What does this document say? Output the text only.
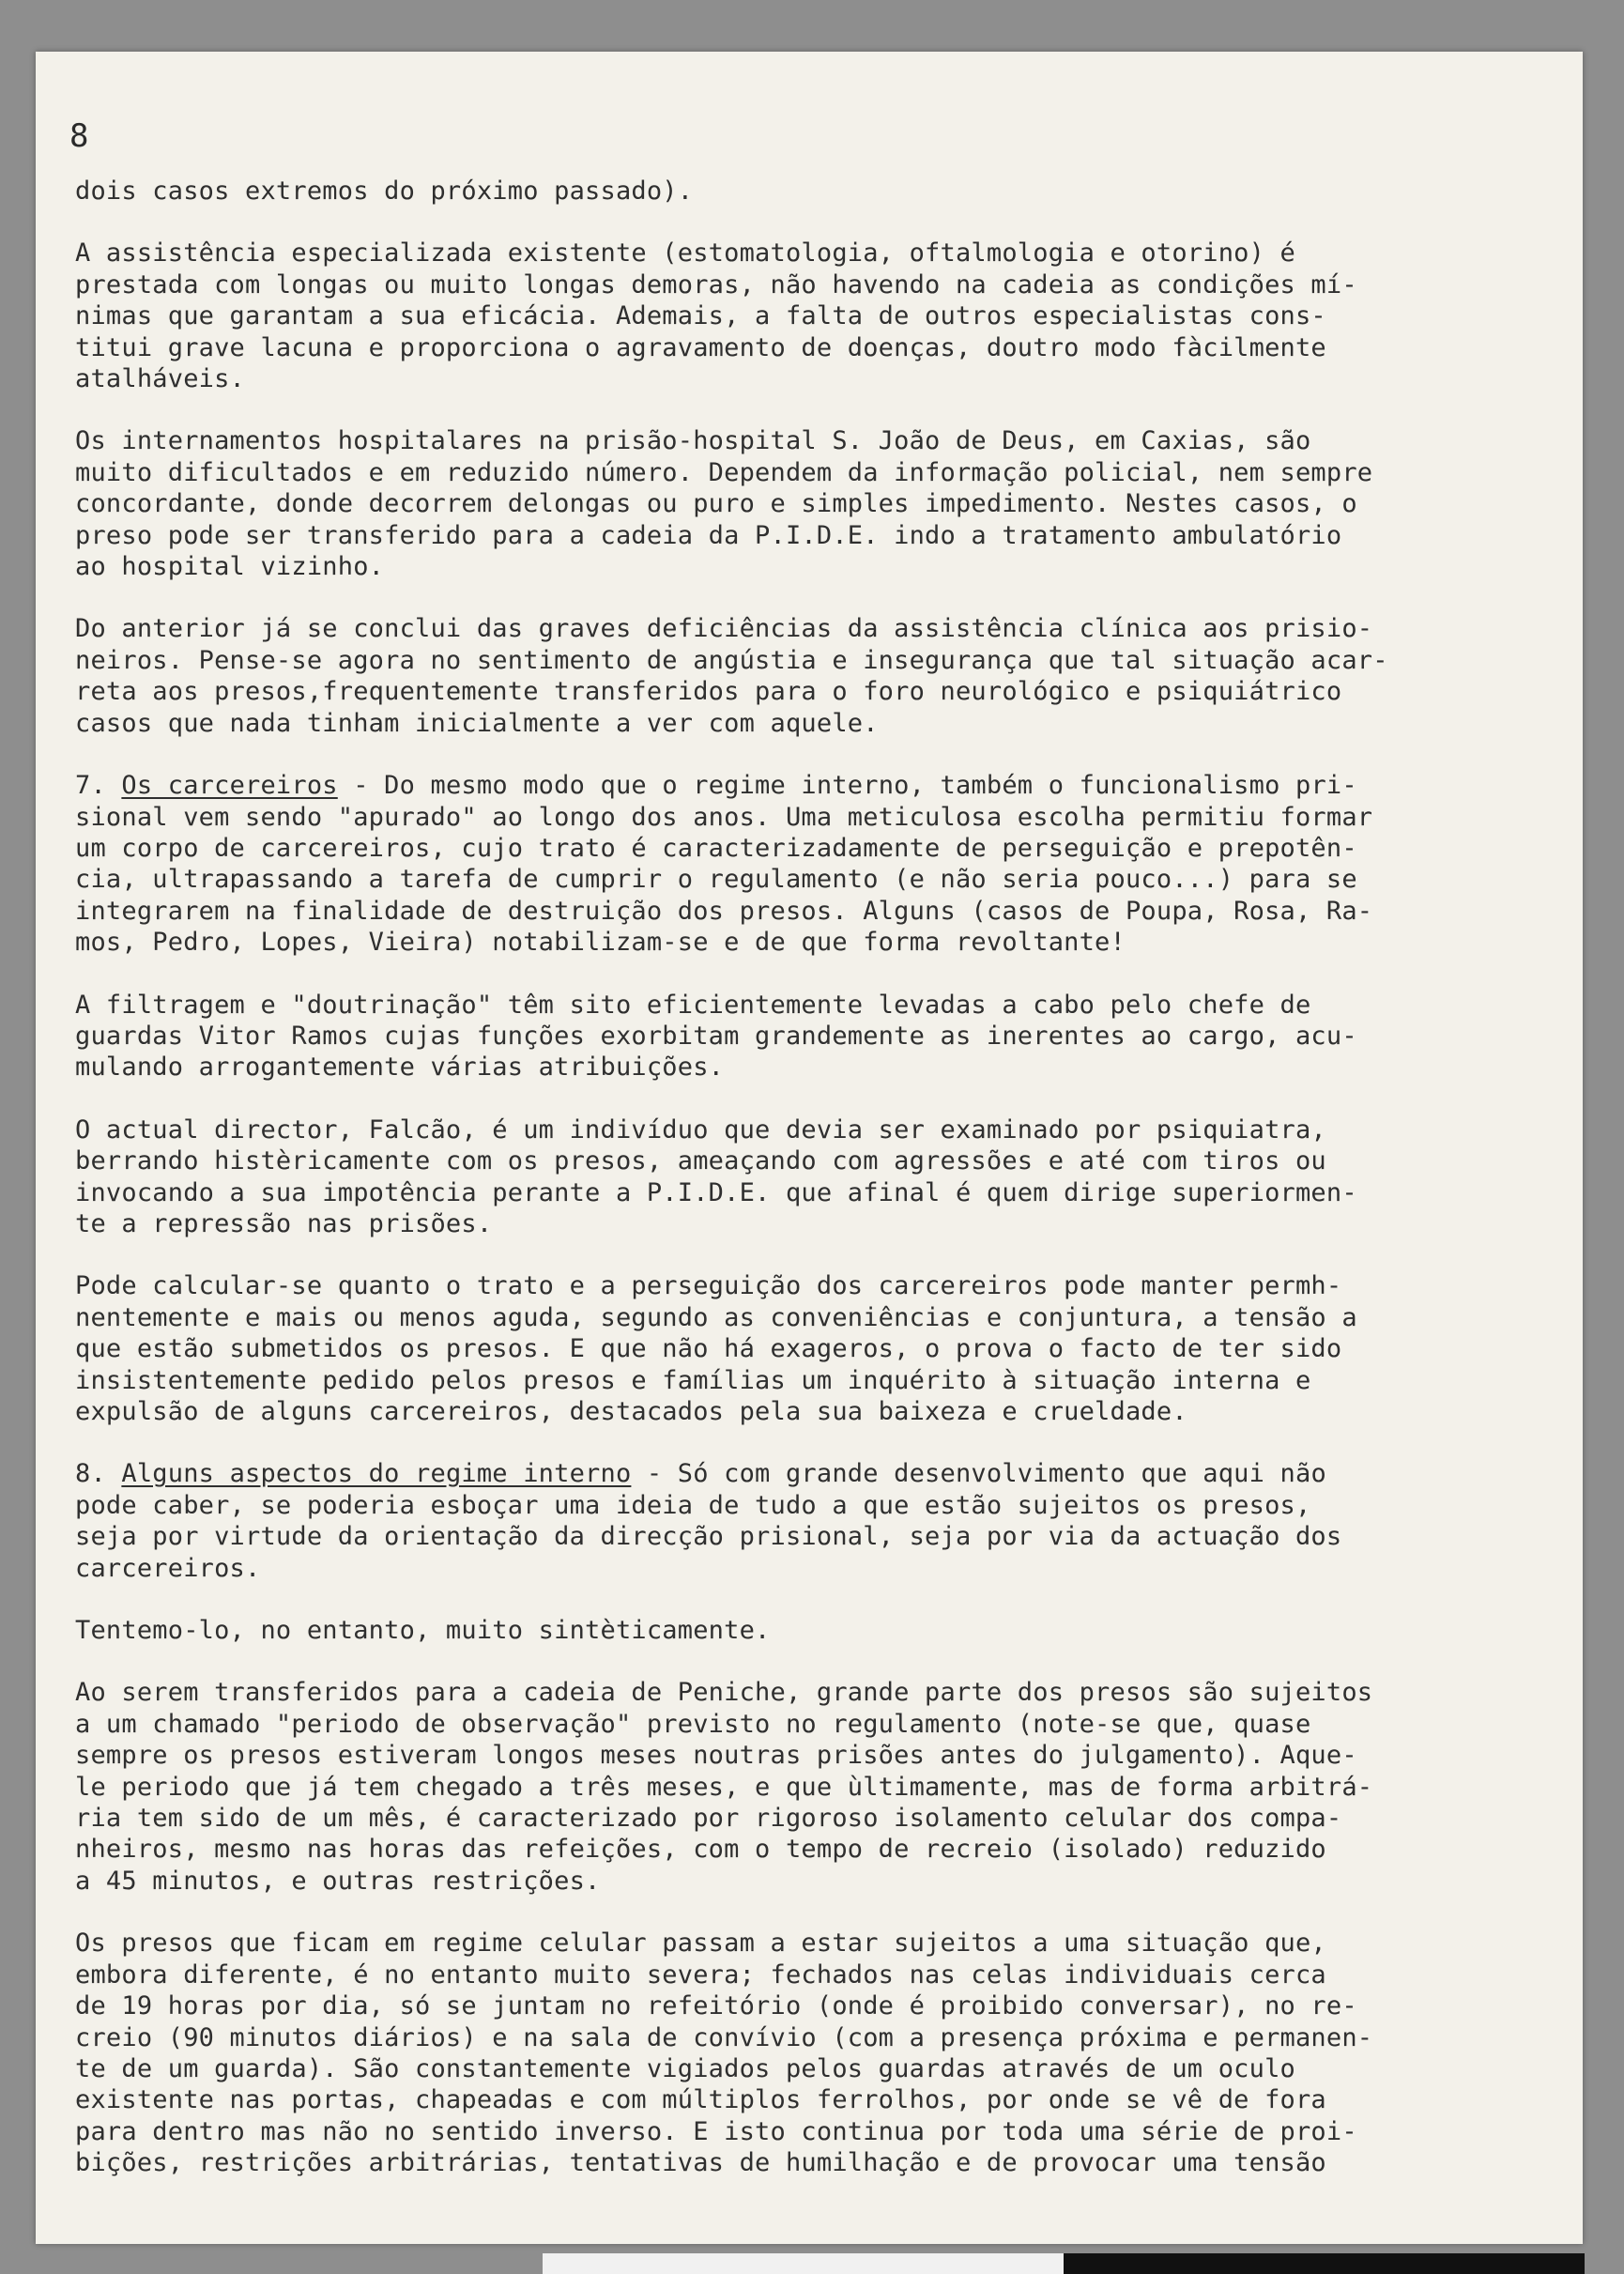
8
dois casos extremos do próximo passado).
A assistência especializada existente (estomatologia, oftalmologia e otorino) é
prestada com longas ou muito longas demoras, não havendo na cadeia as condições mí-
nimas que garantam a sua eficácia. Ademais, a falta de outros especialistas cons-
titui grave lacuna e proporciona o agravamento de doenças, doutro modo fàcilmente
atalháveis.
Os internamentos hospitalares na prisão-hospital S. João de Deus, em Caxias, são
muito dificultados e em reduzido número. Dependem da informação policial, nem sempre
concordante, donde decorrem delongas ou puro e simples impedimento. Nestes casos, o
preso pode ser transferido para a cadeia da P.I.D.E. indo a tratamento ambulatório
ao hospital vizinho.
Do anterior já se conclui das graves deficiências da assistência clínica aos prisio-
neiros. Pense-se agora no sentimento de angústia e insegurança que tal situação acar-
reta aos presos,frequentemente transferidos para o foro neurológico e psiquiátrico
casos que nada tinham inicialmente a ver com aquele.
7. Os carcereiros - Do mesmo modo que o regime interno, também o funcionalismo pri-
sional vem sendo "apurado" ao longo dos anos. Uma meticulosa escolha permitiu formar
um corpo de carcereiros, cujo trato é caracterizadamente de perseguição e prepotên-
cia, ultrapassando a tarefa de cumprir o regulamento (e não seria pouco...) para se
integrarem na finalidade de destruição dos presos. Alguns (casos de Poupa, Rosa, Ra-
mos, Pedro, Lopes, Vieira) notabilizam-se e de que forma revoltante!
A filtragem e "doutrinação" têm sito eficientemente levadas a cabo pelo chefe de
guardas Vitor Ramos cujas funções exorbitam grandemente as inerentes ao cargo, acu-
mulando arrogantemente várias atribuições.
O actual director, Falcão, é um indivíduo que devia ser examinado por psiquiatra,
berrando histèricamente com os presos, ameaçando com agressões e até com tiros ou
invocando a sua impotência perante a P.I.D.E. que afinal é quem dirige superiormen-
te a repressão nas prisões.
Pode calcular-se quanto o trato e a perseguição dos carcereiros pode manter permh-
nentemente e mais ou menos aguda, segundo as conveniências e conjuntura, a tensão a
que estão submetidos os presos. E que não há exageros, o prova o facto de ter sido
insistentemente pedido pelos presos e famílias um inquérito à situação interna e
expulsão de alguns carcereiros, destacados pela sua baixeza e crueldade.
8. Alguns aspectos do regime interno - Só com grande desenvolvimento que aqui não
pode caber, se poderia esboçar uma ideia de tudo a que estão sujeitos os presos,
seja por virtude da orientação da direcção prisional, seja por via da actuação dos
carcereiros.
Tentemo-lo, no entanto, muito sintèticamente.
Ao serem transferidos para a cadeia de Peniche, grande parte dos presos são sujeitos
a um chamado "periodo de observação" previsto no regulamento (note-se que, quase
sempre os presos estiveram longos meses noutras prisões antes do julgamento). Aque-
le periodo que já tem chegado a três meses, e que ùltimamente, mas de forma arbitrá-
ria tem sido de um mês, é caracterizado por rigoroso isolamento celular dos compa-
nheiros, mesmo nas horas das refeições, com o tempo de recreio (isolado) reduzido
a 45 minutos, e outras restrições.
Os presos que ficam em regime celular passam a estar sujeitos a uma situação que,
embora diferente, é no entanto muito severa; fechados nas celas individuais cerca
de 19 horas por dia, só se juntam no refeitório (onde é proibido conversar), no re-
creio (90 minutos diários) e na sala de convívio (com a presença próxima e permanen-
te de um guarda). São constantemente vigiados pelos guardas através de um oculo
existente nas portas, chapeadas e com múltiplos ferrolhos, por onde se vê de fora
para dentro mas não no sentido inverso. E isto continua por toda uma série de proi-
bições, restrições arbitrárias, tentativas de humilhação e de provocar uma tensão
